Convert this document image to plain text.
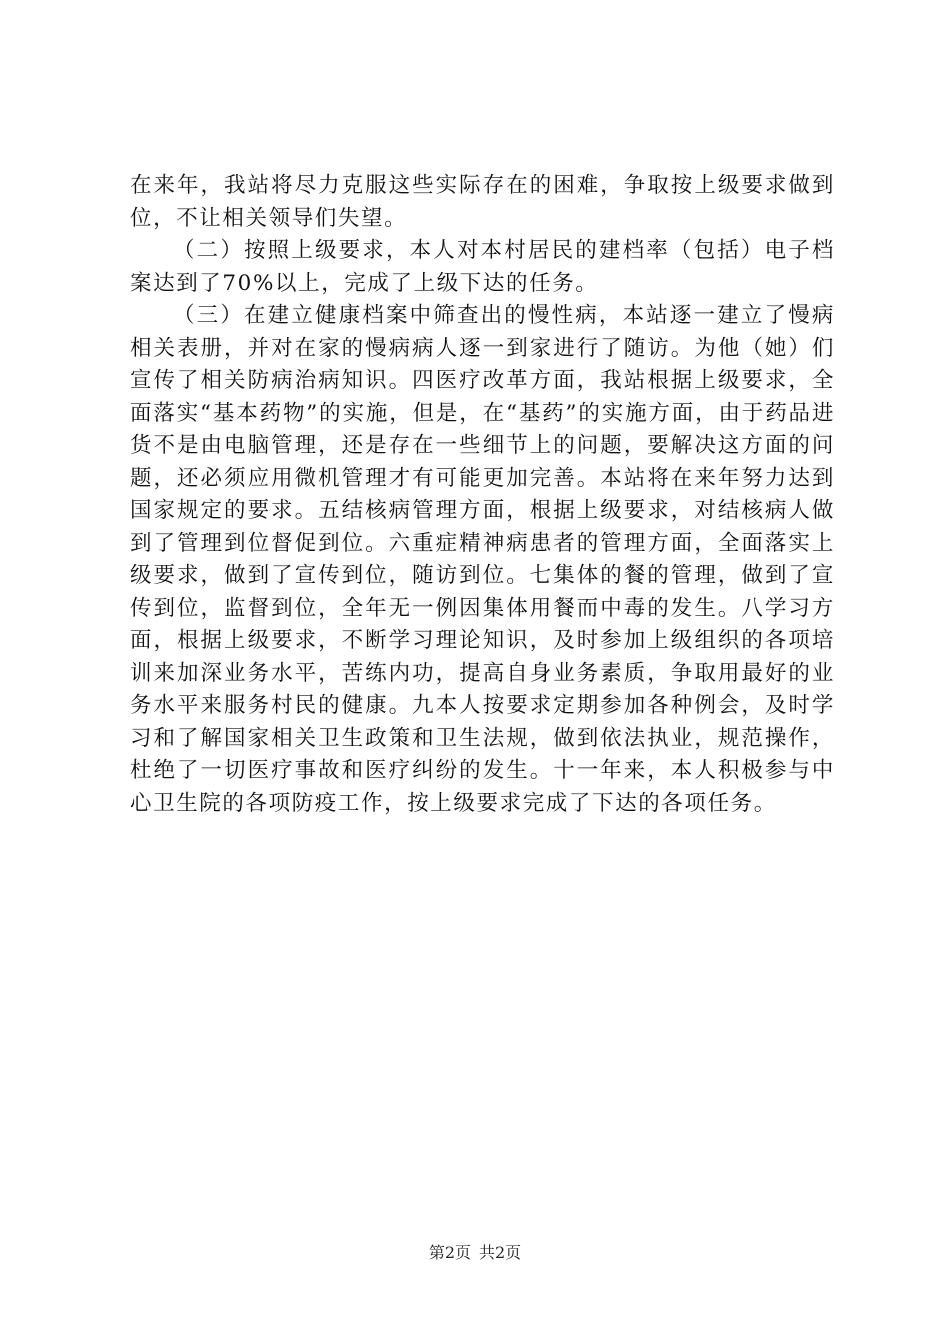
在来年，我站将尽力克服这些实际存在的困难，争取按上级要求做到位，不让相关领导们失望。

（二）按照上级要求，本人对本村居民的建档率（包括）电子档案达到了70%以上，完成了上级下达的任务。

（三）在建立健康档案中筛查出的慢性病，本站逐一建立了慢病相关表册，并对在家的慢病病人逐一到家进行了随访。为他（她）们宣传了相关防病治病知识。四医疗改革方面，我站根据上级要求，全面落实“基本药物”的实施，但是，在“基药”的实施方面，由于药品进货不是由电脑管理，还是存在一些细节上的问题，要解决这方面的问题，还必须应用微机管理才有可能更加完善。本站将在来年努力达到国家规定的要求。五结核病管理方面，根据上级要求，对结核病人做到了管理到位督促到位。六重症精神病患者的管理方面，全面落实上级要求，做到了宣传到位，随访到位。七集体的餐的管理，做到了宣传到位，监督到位，全年无一例因集体用餐而中毒的发生。八学习方面，根据上级要求，不断学习理论知识，及时参加上级组织的各项培训来加深业务水平，苦练内功，提高自身业务素质，争取用最好的业务水平来服务村民的健康。九本人按要求定期参加各种例会，及时学习和了解国家相关卫生政策和卫生法规，做到依法执业，规范操作，杜绝了一切医疗事故和医疗纠纷的发生。十一年来，本人积极参与中心卫生院的各项防疫工作，按上级要求完成了下达的各项任务。

第2页 共2页
